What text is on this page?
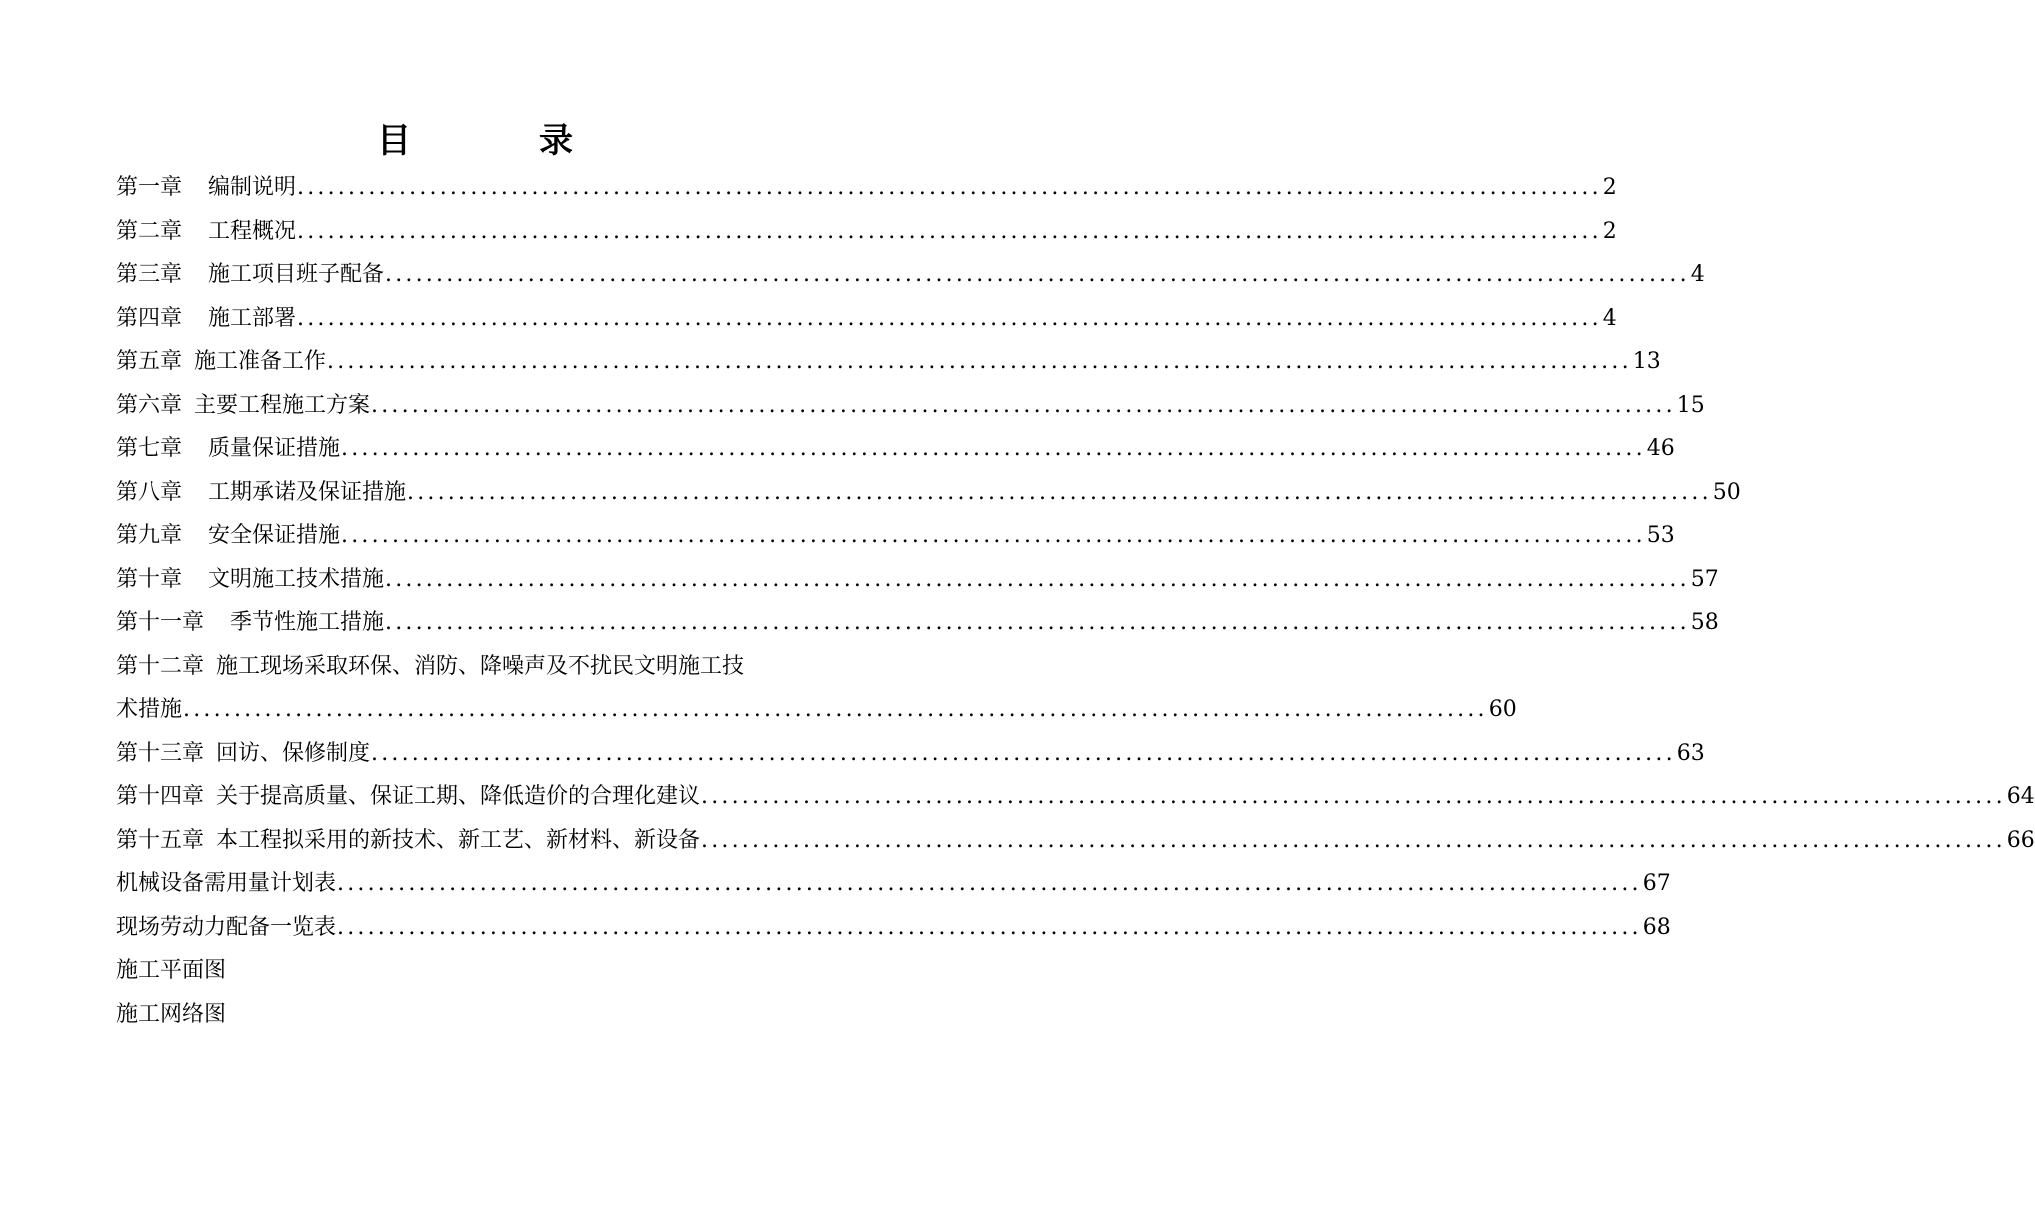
目	录
第一章 编制说明 ................................................................................................................................ 2
第二章 工程概况 ................................................................................................................................ 2
第三章 施工项目班子配备 ................................................................................................................................ 4
第四章 施工部署 ................................................................................................................................ 4
第五章 施工准备工作 ................................................................................................................................ 13
第六章 主要工程施工方案 ................................................................................................................................ 15
第七章 质量保证措施 ................................................................................................................................ 46
第八章 工期承诺及保证措施 ................................................................................................................................ 50
第九章 安全保证措施 ................................................................................................................................ 53
第十章 文明施工技术措施 ................................................................................................................................ 57
第十一章 季节性施工措施 ................................................................................................................................ 58
第十二章 施工现场采取环保、消防、降噪声及不扰民文明施工技
术措施 ................................................................................................................................ 60
第十三章 回访、保修制度 ................................................................................................................................ 63
第十四章 关于提高质量、保证工期、降低造价的合理化建议 ................................................................................................................................ 64
第十五章 本工程拟采用的新技术、新工艺、新材料、新设备 ................................................................................................................................ 66
机械设备需用量计划表 ................................................................................................................................ 67
现场劳动力配备一览表 ................................................................................................................................ 68
施工平面图
施工网络图
